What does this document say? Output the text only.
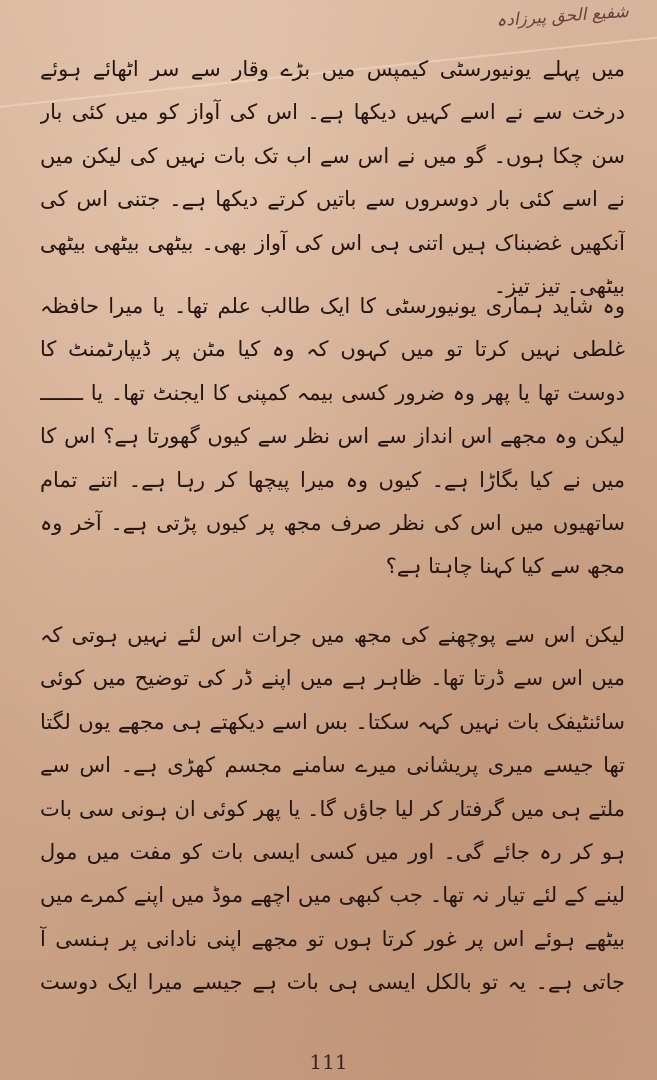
شفیع الحق پیرزادہ

میں پہلے یونیورسٹی کیمپس میں بڑے وقار سے سر اٹھائے ہوئے درخت سے نے اسے کہیں دیکھا ہے۔ اس کی آواز کو میں کئی بار سن چکا ہوں۔ گو میں نے اس سے اب تک بات نہیں کی لیکن میں نے اسے کئی بار دوسروں سے باتیں کرتے دیکھا ہے۔ جتنی اس کی آنکھیں غضبناک ہیں اتنی ہی اس کی آواز بھی۔ بیٹھی بیٹھی بیٹھی بیٹھی۔ تیز تیز۔

وہ شاید ہماری یونیورسٹی کا ایک طالب علم تھا۔ یا میرا حافظہ غلطی نہیں کرتا تو میں کہوں کہ وہ کیا مٹن پر ڈیپارٹمنٹ کا دوست تھا یا پھر وہ ضرور کسی بیمہ کمپنی کا ایجنٹ تھا۔ یا ـــــــ لیکن وہ مجھے اس انداز سے اس نظر سے کیوں گھورتا ہے؟ اس کا میں نے کیا بگاڑا ہے۔ کیوں وہ میرا پیچھا کر رہا ہے۔ اتنے تمام ساتھیوں میں اس کی نظر صرف مجھ پر کیوں پڑتی ہے۔ آخر وہ مجھ سے کیا کہنا چاہتا ہے؟

لیکن اس سے پوچھنے کی مجھ میں جرات اس لئے نہیں ہوتی کہ میں اس سے ڈرتا تھا۔ ظاہر ہے میں اپنے ڈر کی توضیح میں کوئی سائنٹیفک بات نہیں کہہ سکتا۔ بس اسے دیکھتے ہی مجھے یوں لگتا تھا جیسے میری پریشانی میرے سامنے مجسم کھڑی ہے۔ اس سے ملتے ہی میں گرفتار کر لیا جاؤں گا۔ یا پھر کوئی ان ہونی سی بات ہو کر رہ جائے گی۔ اور میں کسی ایسی بات کو مفت میں مول لینے کے لئے تیار نہ تھا۔ جب کبھی میں اچھے موڈ میں اپنے کمرے میں بیٹھے ہوئے اس پر غور کرتا ہوں تو مجھے اپنی نادانی پر ہنسی آ جاتی ہے۔ یہ تو بالکل ایسی ہی بات ہے جیسے میرا ایک دوست

111
